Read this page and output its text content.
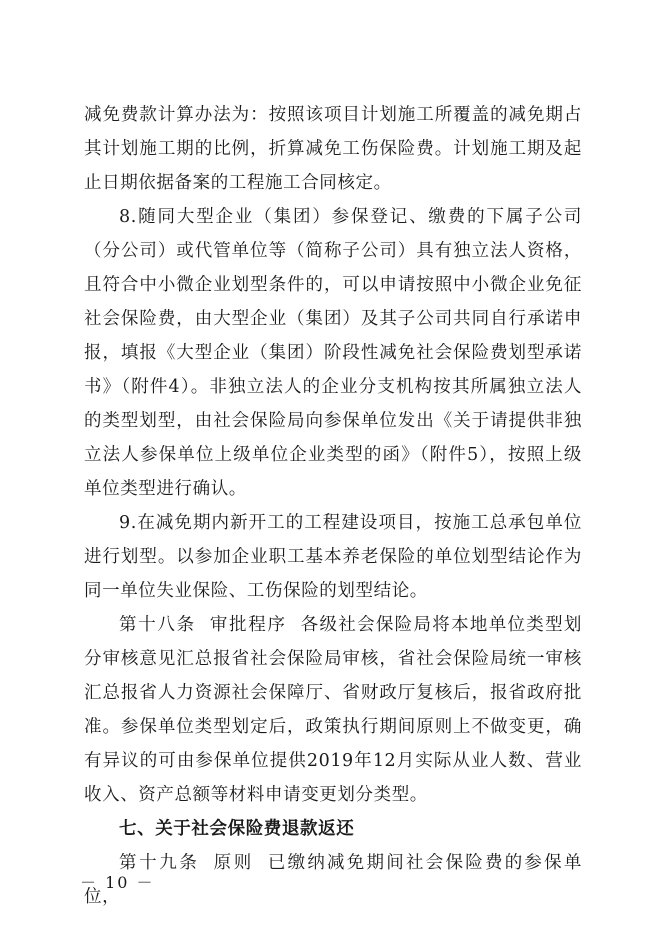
减免费款计算办法为：按照该项目计划施工所覆盖的减免期占其计划施工期的比例，折算减免工伤保险费。计划施工期及起止日期依据备案的工程施工合同核定。

8.随同大型企业（集团）参保登记、缴费的下属子公司（分公司）或代管单位等（简称子公司）具有独立法人资格，且符合中小微企业划型条件的，可以申请按照中小微企业免征社会保险费，由大型企业（集团）及其子公司共同自行承诺申报，填报《大型企业（集团）阶段性减免社会保险费划型承诺书》（附件4）。非独立法人的企业分支机构按其所属独立法人的类型划型，由社会保险局向参保单位发出《关于请提供非独立法人参保单位上级单位企业类型的函》（附件5），按照上级单位类型进行确认。

9.在减免期内新开工的工程建设项目，按施工总承包单位进行划型。以参加企业职工基本养老保险的单位划型结论作为同一单位失业保险、工伤保险的划型结论。

第十八条 审批程序 各级社会保险局将本地单位类型划分审核意见汇总报省社会保险局审核，省社会保险局统一审核汇总报省人力资源社会保障厅、省财政厅复核后，报省政府批准。参保单位类型划定后，政策执行期间原则上不做变更，确有异议的可由参保单位提供2019年12月实际从业人数、营业收入、资产总额等材料申请变更划分类型。

七、关于社会保险费退款返还

第十九条 原则 已缴纳减免期间社会保险费的参保单位，

－ 10 －
